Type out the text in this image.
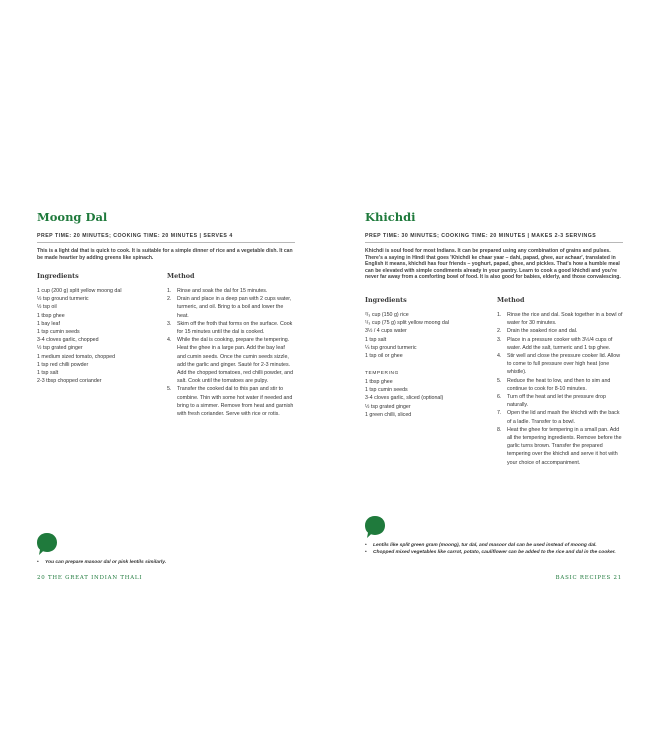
Moong Dal
PREP TIME: 20 MINUTES; COOKING TIME: 20 MINUTES | SERVES 4

This is a light dal that is quick to cook. It is suitable for a simple dinner of rice and a vegetable dish. It can be made heartier by adding greens like spinach.

Ingredients	Method
1 cup (200 g) split yellow moong dal
½ tsp ground turmeric
½ tsp oil
1 tbsp ghee
1 bay leaf
1 tsp cumin seeds
3-4 cloves garlic, chopped
½ tsp grated ginger
1 medium sized tomato, chopped
1 tsp red chilli powder
1 tsp salt
2-3 tbsp chopped coriander
1. Rinse and soak the dal for 15 minutes.
2. Drain and place in a deep pan with 2 cups water, turmeric, and oil. Bring to a boil and lower the heat.
3. Skim off the froth that forms on the surface. Cook for 15 minutes until the dal is cooked.
4. While the dal is cooking, prepare the tempering. Heat the ghee in a large pan. Add the bay leaf and cumin seeds. Once the cumin seeds sizzle, add the garlic and ginger. Sauté for 2-3 minutes. Add the chopped tomatoes, red chilli powder, and salt. Cook until the tomatoes are pulpy.
5. Transfer the cooked dal to this pan and stir to combine. Thin with some hot water if needed and bring to a simmer. Remove from heat and garnish with fresh coriander. Serve with rice or rotis.
• You can prepare masoor dal or pink lentils similarly.
20 THE GREAT INDIAN THALI
Khichdi
PREP TIME: 30 MINUTES; COOKING TIME: 20 MINUTES | MAKES 2-3 SERVINGS

Khichdi is soul food for most Indians. It can be prepared using any combination of grains and pulses. There's a saying in Hindi that goes 'Khichdi ke chaar yaar – dahi, papad, ghee, aur achaar', translated in English it means, khichdi has four friends – yoghurt, papad, ghee, and pickles. That's how a humble meal can be elevated with simple condiments already in your pantry. Learn to cook a good khichdi and you're never far away from a comforting bowl of food. It is also good for babies, elderly, and those convalescing.

Ingredients	Method
²/₃ cup (150 g) rice
¹/₃ cup (75 g) split yellow moong dal
3½ / 4 cups water
1 tsp salt
¼ tsp ground turmeric
1 tsp oil or ghee
TEMPERING
1 tbsp ghee
1 tsp cumin seeds
3-4 cloves garlic, sliced (optional)
½ tsp grated ginger
1 green chilli, sliced
1. Rinse the rice and dal. Soak together in a bowl of water for 30 minutes.
2. Drain the soaked rice and dal.
3. Place in a pressure cooker with 3½/4 cups of water. Add the salt, turmeric and 1 tsp ghee.
4. Stir well and close the pressure cooker lid. Allow to come to full pressure over high heat (one whistle).
5. Reduce the heat to low, and then to sim and continue to cook for 8-10 minutes.
6. Turn off the heat and let the pressure drop naturally.
7. Open the lid and mash the khichdi with the back of a ladle. Transfer to a bowl.
8. Heat the ghee for tempering in a small pan. Add all the tempering ingredients. Remove before the garlic turns brown. Transfer the prepared tempering over the khichdi and serve it hot with your choice of accompaniment.
• Lentils like split green gram (moong), tur dal, and masoor dal can be used instead of moong dal.
• Chopped mixed vegetables like carrot, potato, cauliflower can be added to the rice and dal in the cooker.
BASIC RECIPES 21
